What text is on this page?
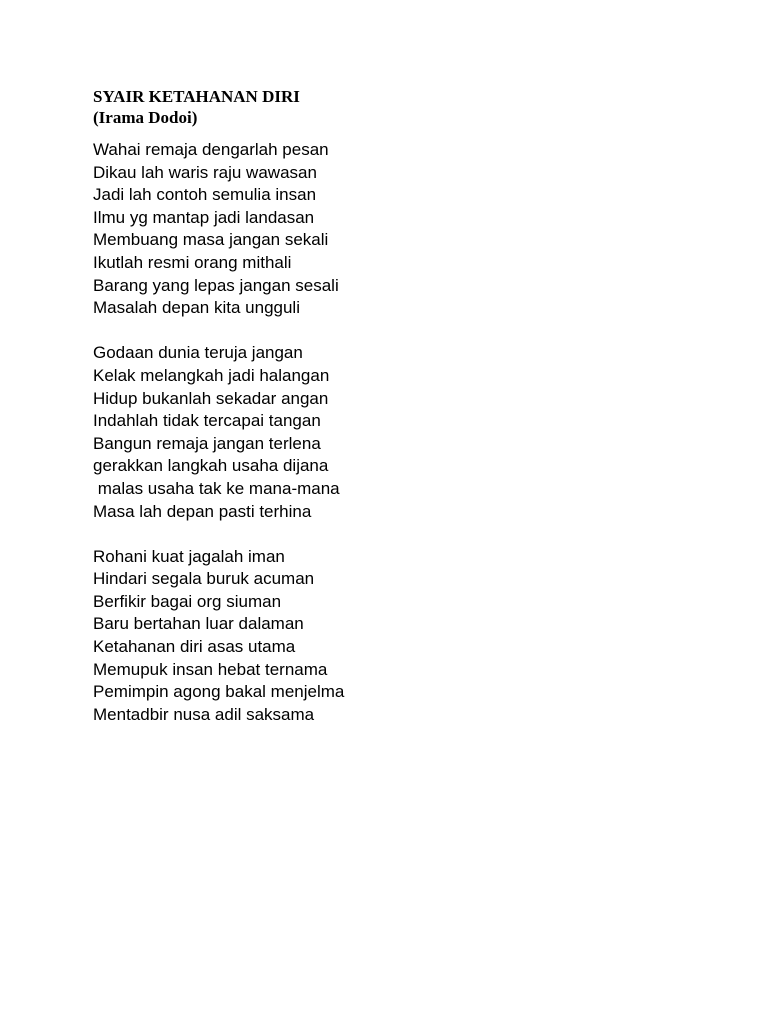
SYAIR KETAHANAN DIRI
(Irama Dodoi)
Wahai remaja dengarlah pesan
Dikau lah waris raju wawasan
Jadi lah contoh semulia insan
Ilmu yg mantap jadi landasan
Membuang masa jangan sekali
Ikutlah resmi orang mithali
Barang yang lepas jangan sesali
Masalah depan kita ungguli
Godaan dunia teruja jangan
Kelak melangkah jadi halangan
Hidup bukanlah sekadar angan
Indahlah tidak tercapai tangan
Bangun remaja jangan terlena
gerakkan langkah usaha dijana
malas usaha tak ke mana-mana
Masa lah depan pasti terhina
Rohani kuat jagalah iman
Hindari segala buruk acuman
Berfikir bagai org siuman
Baru bertahan luar dalaman
Ketahanan diri asas utama
Memupuk insan hebat ternama
Pemimpin agong bakal menjelma
Mentadbir nusa adil saksama
